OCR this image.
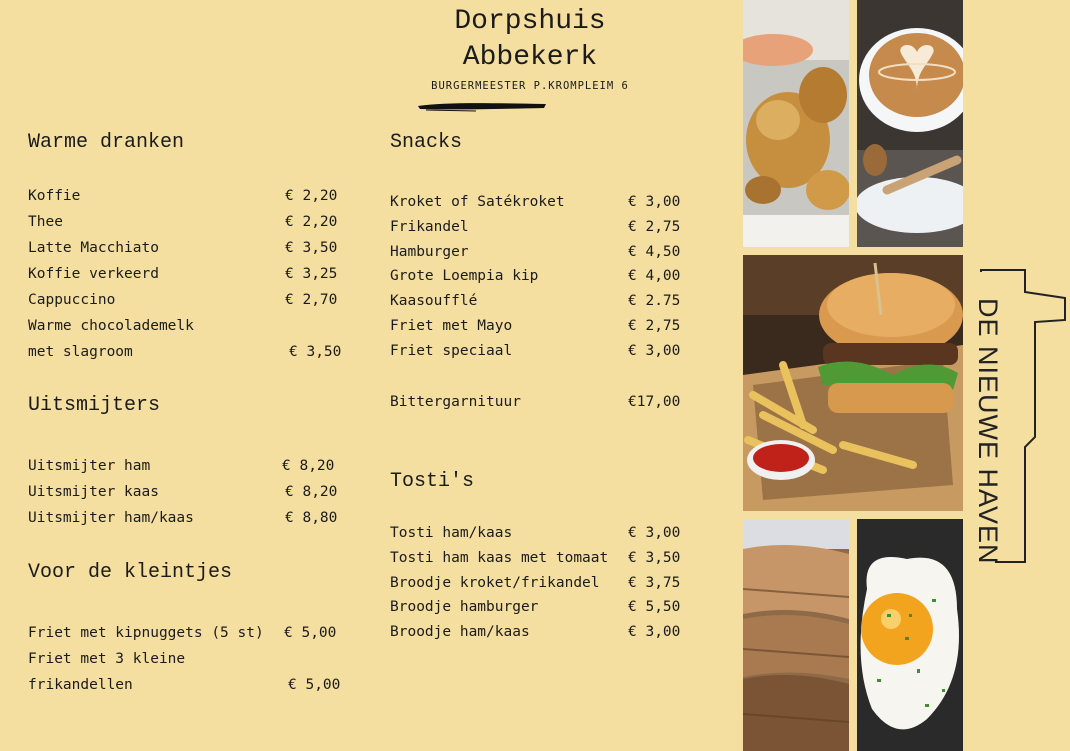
Dorpshuis
Abbekerk
BURGERMEESTER P.KROMPLEIM 6
Warme dranken
Koffie	€ 2,20
Thee	€ 2,20
Latte Macchiato	€ 3,50
Koffie verkeerd	€ 3,25
Cappuccino	€ 2,70
Warme chocolademelk
met slagroom	€ 3,50
Uitsmijters
Uitsmijter ham	€ 8,20
Uitsmijter kaas	€ 8,20
Uitsmijter ham/kaas	€ 8,80
Voor de kleintjes
Friet met kipnuggets (5 st) € 5,00
Friet met 3 kleine
frikandellen	€ 5,00
Snacks
Kroket of Satékroket	€ 3,00
Frikandel	€ 2,75
Hamburger	€ 4,50
Grote Loempia kip	€ 4,00
Kaasoufflé	€ 2.75
Friet met Mayo	€ 2,75
Friet speciaal	€ 3,00
Bittergarnituur	€17,00
Tosti's
Tosti ham/kaas	€ 3,00
Tosti ham kaas met tomaat € 3,50
Broodje kroket/frikandel € 3,75
Broodje hamburger	€ 5,50
Broodje ham/kaas	€ 3,00
DE NIEUWE HAVEN
